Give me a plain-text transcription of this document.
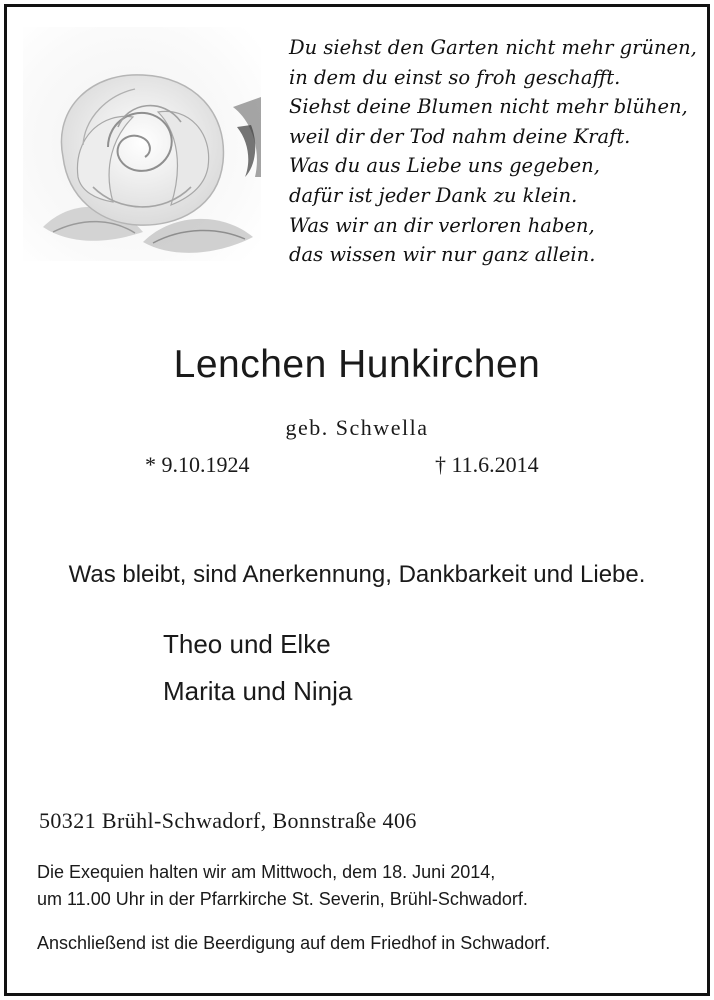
Du siehst den Garten nicht mehr grünen,
in dem du einst so froh geschafft.
Siehst deine Blumen nicht mehr blühen,
weil dir der Tod nahm deine Kraft.
Was du aus Liebe uns gegeben,
dafür ist jeder Dank zu klein.
Was wir an dir verloren haben,
das wissen wir nur ganz allein.
Lenchen Hunkirchen
geb. Schwella
* 9.10.1924	† 11.6.2014
Was bleibt, sind Anerkennung, Dankbarkeit und Liebe.
Theo und Elke
Marita und Ninja
50321 Brühl-Schwadorf, Bonnstraße 406
Die Exequien halten wir am Mittwoch, dem 18. Juni 2014,
um 11.00 Uhr in der Pfarrkirche St. Severin, Brühl-Schwadorf.
Anschließend ist die Beerdigung auf dem Friedhof in Schwadorf.
